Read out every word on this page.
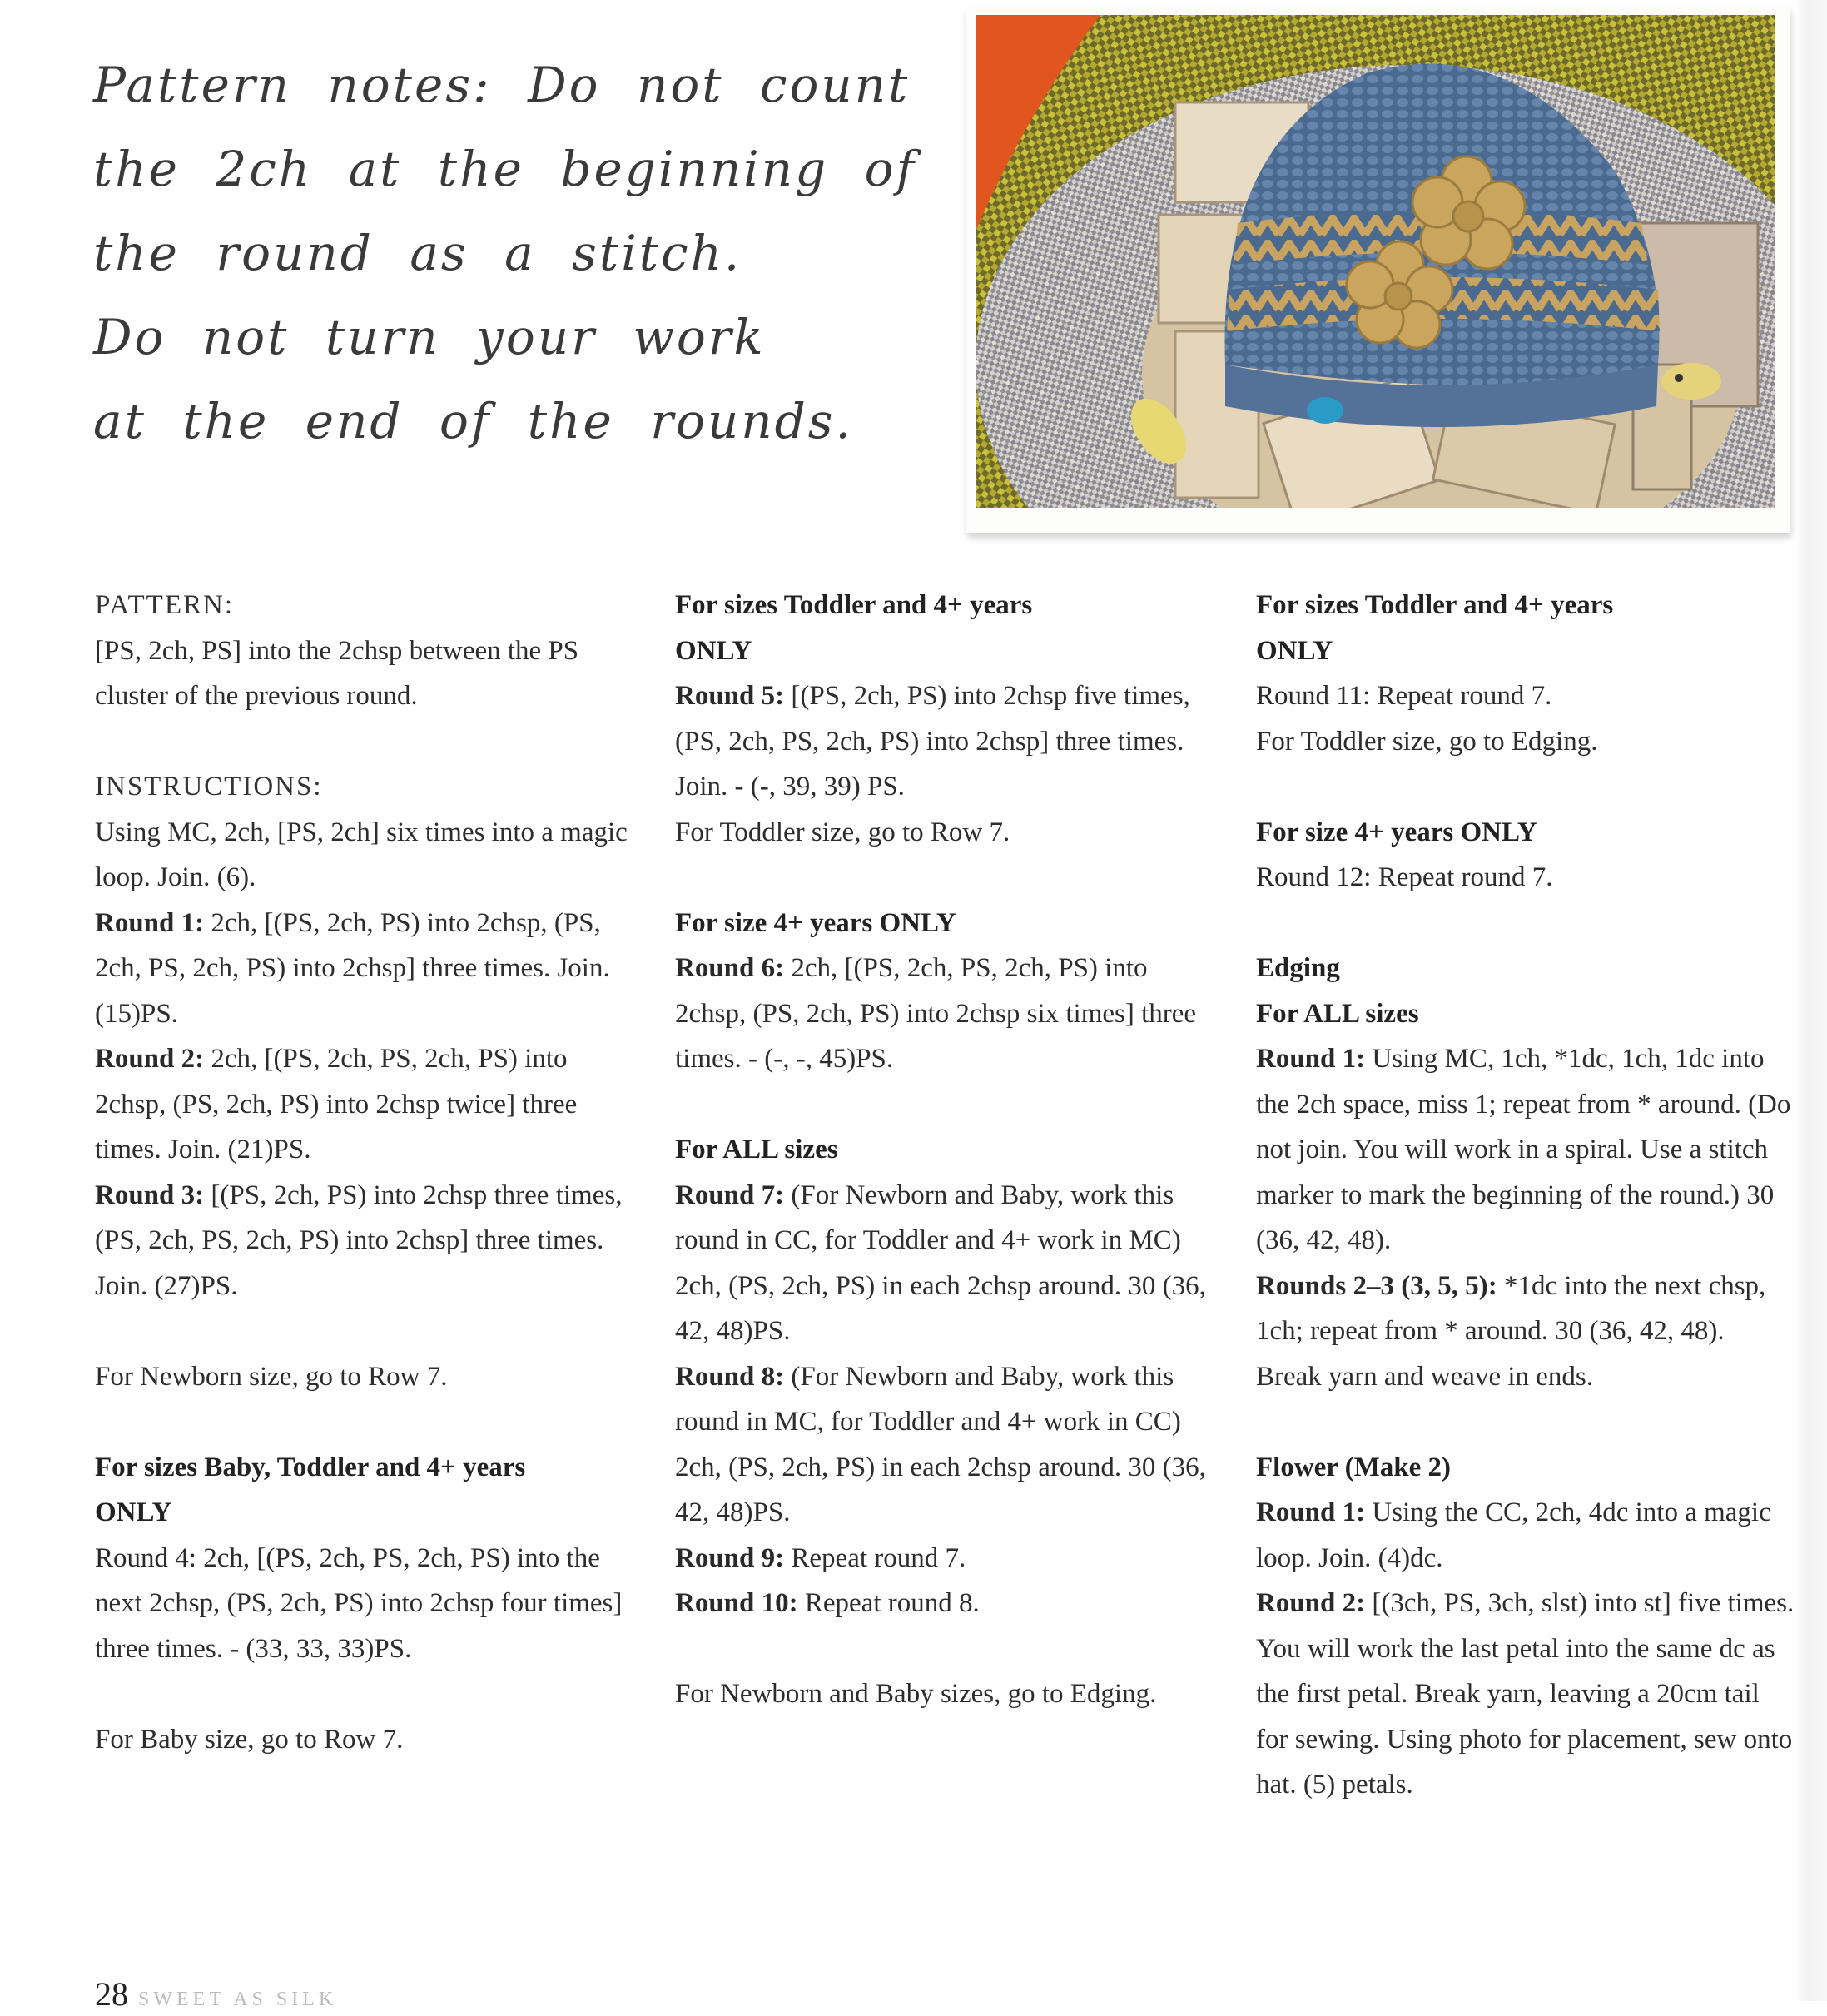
Pattern notes: Do not count
the 2ch at the beginning of
the round as a stitch.
Do not turn your work
at the end of the rounds.

PATTERN:

[PS, 2ch, PS] into the 2chsp between the PS cluster of the previous round.

INSTRUCTIONS:

Using MC, 2ch, [PS, 2ch] six times into a magic loop. Join. (6).

Round 1: 2ch, [(PS, 2ch, PS) into 2chsp, (PS, 2ch, PS, 2ch, PS) into 2chsp] three times. Join. (15)PS.

Round 2: 2ch, [(PS, 2ch, PS, 2ch, PS) into 2chsp, (PS, 2ch, PS) into 2chsp twice] three times. Join. (21)PS.

Round 3: [(PS, 2ch, PS) into 2chsp three times, (PS, 2ch, PS, 2ch, PS) into 2chsp] three times. Join. (27)PS.

For Newborn size, go to Row 7.

For sizes Baby, Toddler and 4+ years
ONLY

Round 4: 2ch, [(PS, 2ch, PS, 2ch, PS) into the next 2chsp, (PS, 2ch, PS) into 2chsp four times] three times. - (33, 33, 33)PS.

For Baby size, go to Row 7.

For sizes Toddler and 4+ years
ONLY

Round 5: [(PS, 2ch, PS) into 2chsp five times, (PS, 2ch, PS, 2ch, PS) into 2chsp] three times. Join. - (-, 39, 39) PS.

For Toddler size, go to Row 7.

For size 4+ years ONLY

Round 6: 2ch, [(PS, 2ch, PS, 2ch, PS) into 2chsp, (PS, 2ch, PS) into 2chsp six times] three times. - (-, -, 45)PS.

For ALL sizes

Round 7: (For Newborn and Baby, work this round in CC, for Toddler and 4+ work in MC) 2ch, (PS, 2ch, PS) in each 2chsp around. 30 (36, 42, 48)PS.

Round 8: (For Newborn and Baby, work this round in MC, for Toddler and 4+ work in CC) 2ch, (PS, 2ch, PS) in each 2chsp around. 30 (36, 42, 48)PS.

Round 9: Repeat round 7.

Round 10: Repeat round 8.

For Newborn and Baby sizes, go to Edging.

For sizes Toddler and 4+ years
ONLY

Round 11: Repeat round 7.

For Toddler size, go to Edging.

For size 4+ years ONLY

Round 12: Repeat round 7.

Edging

For ALL sizes

Round 1: Using MC, 1ch, *1dc, 1ch, 1dc into the 2ch space, miss 1; repeat from * around. (Do not join. You will work in a spiral. Use a stitch marker to mark the beginning of the round.) 30 (36, 42, 48).

Rounds 2–3 (3, 5, 5): *1dc into the next chsp, 1ch; repeat from * around. 30 (36, 42, 48).

Break yarn and weave in ends.

Flower (Make 2)

Round 1: Using the CC, 2ch, 4dc into a magic loop. Join. (4)dc.

Round 2: [(3ch, PS, 3ch, slst) into st] five times. You will work the last petal into the same dc as the first petal. Break yarn, leaving a 20cm tail for sewing. Using photo for placement, sew onto hat. (5) petals.

28 SWEET AS SILK
